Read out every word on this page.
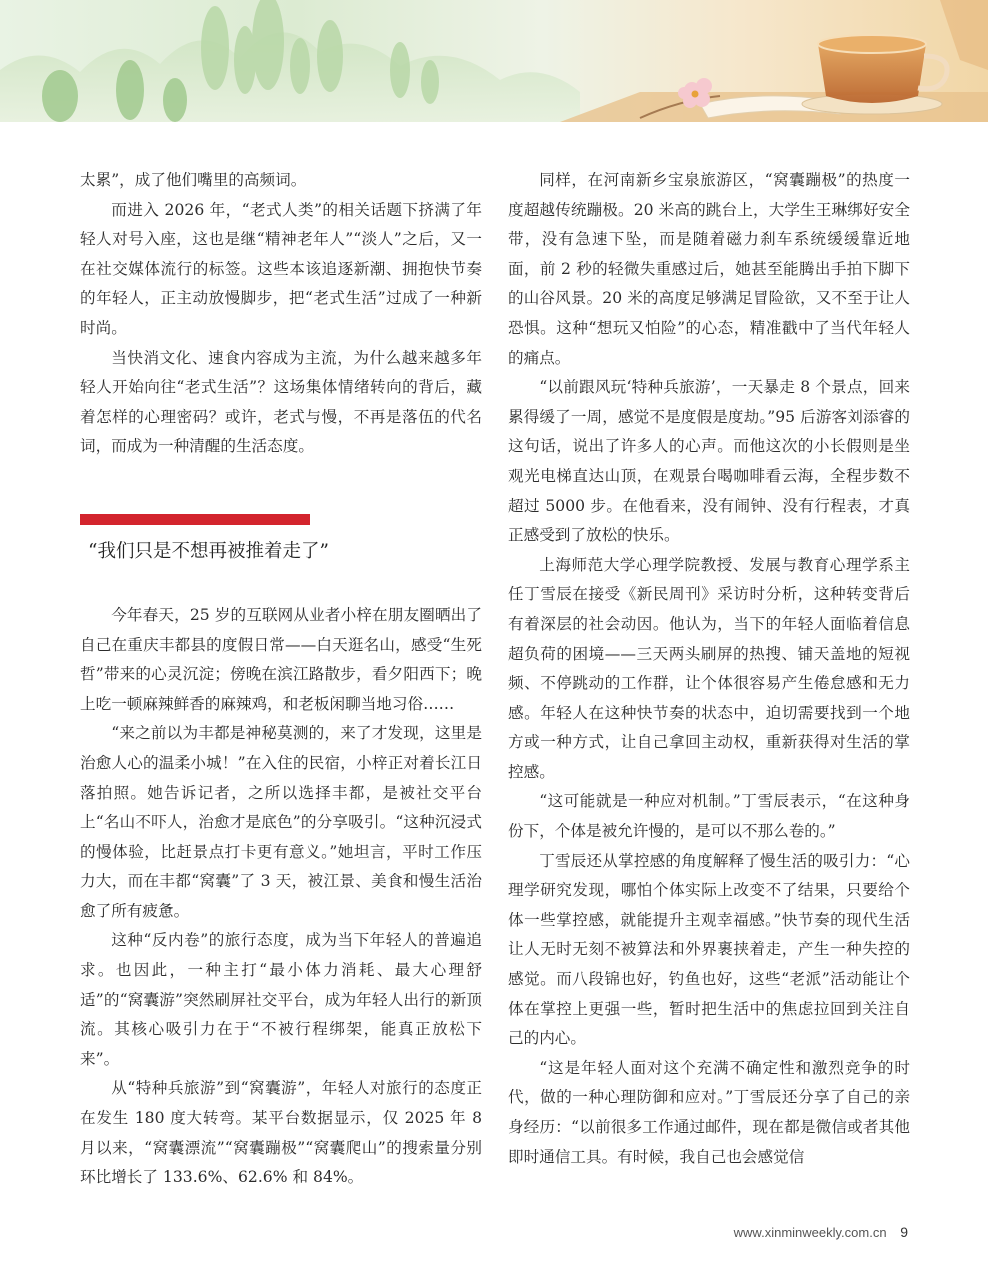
太累”，成了他们嘴里的高频词。

而进入 2026 年，“老式人类”的相关话题下挤满了年轻人对号入座，这也是继“精神老年人”“淡人”之后，又一在社交媒体流行的标签。这些本该追逐新潮、拥抱快节奏的年轻人，正主动放慢脚步，把“老式生活”过成了一种新时尚。

当快消文化、速食内容成为主流，为什么越来越多年轻人开始向往“老式生活”？这场集体情绪转向的背后，藏着怎样的心理密码？或许，老式与慢，不再是落伍的代名词，而成为一种清醒的生活态度。

“我们只是不想再被推着走了”

今年春天，25 岁的互联网从业者小梓在朋友圈晒出了自己在重庆丰都县的度假日常——白天逛名山，感受“生死哲”带来的心灵沉淀；傍晚在滨江路散步，看夕阳西下；晚上吃一顿麻辣鲜香的麻辣鸡，和老板闲聊当地习俗……

“来之前以为丰都是神秘莫测的，来了才发现，这里是治愈人心的温柔小城！”在入住的民宿，小梓正对着长江日落拍照。她告诉记者，之所以选择丰都，是被社交平台上“名山不吓人，治愈才是底色”的分享吸引。“这种沉浸式的慢体验，比赶景点打卡更有意义。”她坦言，平时工作压力大，而在丰都“窝囊”了 3 天，被江景、美食和慢生活治愈了所有疲惫。

这种“反内卷”的旅行态度，成为当下年轻人的普遍追求。也因此，一种主打“最小体力消耗、最大心理舒适”的“窝囊游”突然刷屏社交平台，成为年轻人出行的新顶流。其核心吸引力在于“不被行程绑架，能真正放松下来”。

从“特种兵旅游”到“窝囊游”，年轻人对旅行的态度正在发生 180 度大转弯。某平台数据显示，仅 2025 年 8 月以来，“窝囊漂流”“窝囊蹦极”“窝囊爬山”的搜索量分别环比增长了 133.6%、62.6% 和 84%。

同样，在河南新乡宝泉旅游区，“窝囊蹦极”的热度一度超越传统蹦极。20 米高的跳台上，大学生王琳绑好安全带，没有急速下坠，而是随着磁力刹车系统缓缓靠近地面，前 2 秒的轻微失重感过后，她甚至能腾出手拍下脚下的山谷风景。20 米的高度足够满足冒险欲，又不至于让人恐惧。这种“想玩又怕险”的心态，精准戳中了当代年轻人的痛点。

“以前跟风玩‘特种兵旅游’，一天暴走 8 个景点，回来累得缓了一周，感觉不是度假是度劫。”95 后游客刘添睿的这句话，说出了许多人的心声。而他这次的小长假则是坐观光电梯直达山顶，在观景台喝咖啡看云海，全程步数不超过 5000 步。在他看来，没有闹钟、没有行程表，才真正感受到了放松的快乐。

上海师范大学心理学院教授、发展与教育心理学系主任丁雪辰在接受《新民周刊》采访时分析，这种转变背后有着深层的社会动因。他认为，当下的年轻人面临着信息超负荷的困境——三天两头刷屏的热搜、铺天盖地的短视频、不停跳动的工作群，让个体很容易产生倦怠感和无力感。年轻人在这种快节奏的状态中，迫切需要找到一个地方或一种方式，让自己拿回主动权，重新获得对生活的掌控感。

“这可能就是一种应对机制。”丁雪辰表示，“在这种身份下，个体是被允许慢的，是可以不那么卷的。”

丁雪辰还从掌控感的角度解释了慢生活的吸引力：“心理学研究发现，哪怕个体实际上改变不了结果，只要给个体一些掌控感，就能提升主观幸福感。”快节奏的现代生活让人无时无刻不被算法和外界裹挟着走，产生一种失控的感觉。而八段锦也好，钓鱼也好，这些“老派”活动能让个体在掌控上更强一些，暂时把生活中的焦虑拉回到关注自己的内心。

“这是年轻人面对这个充满不确定性和激烈竞争的时代，做的一种心理防御和应对。”丁雪辰还分享了自己的亲身经历：“以前很多工作通过邮件，现在都是微信或者其他即时通信工具。有时候，我自己也会感觉信

www.xinminweekly.com.cn 9
